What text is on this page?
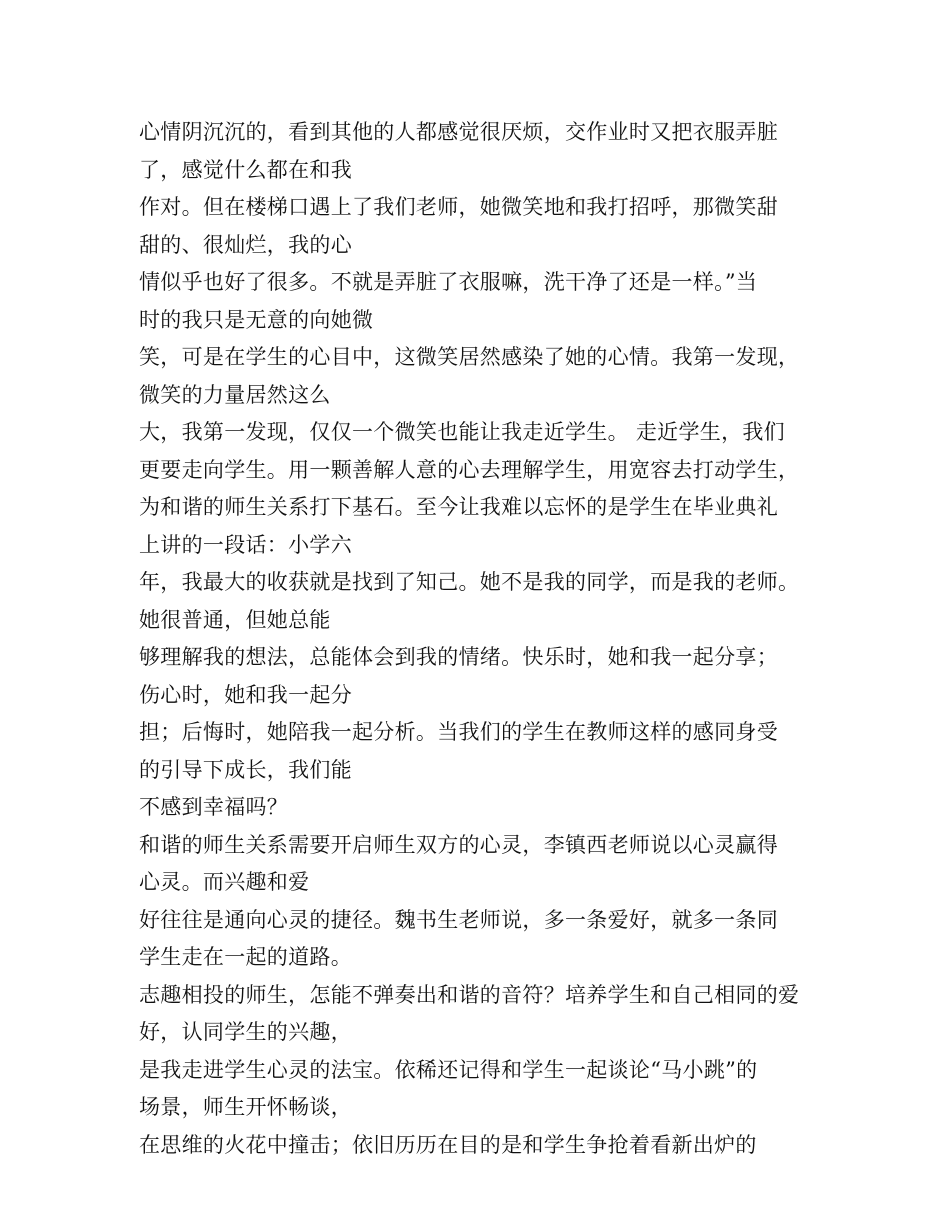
心情阴沉沉的，看到其他的人都感觉很厌烦，交作业时又把衣服弄脏
了，感觉什么都在和我
作对。但在楼梯口遇上了我们老师，她微笑地和我打招呼，那微笑甜
甜的、很灿烂，我的心
情似乎也好了很多。不就是弄脏了衣服嘛，洗干净了还是一样。”当
时的我只是无意的向她微
笑，可是在学生的心目中，这微笑居然感染了她的心情。我第一发现，
微笑的力量居然这么
大，我第一发现，仅仅一个微笑也能让我走近学生。 走近学生，我们
更要走向学生。用一颗善解人意的心去理解学生，用宽容去打动学生，
为和谐的师生关系打下基石。至今让我难以忘怀的是学生在毕业典礼
上讲的一段话：小学六
年，我最大的收获就是找到了知己。她不是我的同学，而是我的老师。
她很普通，但她总能
够理解我的想法，总能体会到我的情绪。快乐时，她和我一起分享；
伤心时，她和我一起分
担；后悔时，她陪我一起分析。当我们的学生在教师这样的感同身受
的引导下成长，我们能
不感到幸福吗？
和谐的师生关系需要开启师生双方的心灵，李镇西老师说以心灵赢得
心灵。而兴趣和爱
好往往是通向心灵的捷径。魏书生老师说，多一条爱好，就多一条同
学生走在一起的道路。
志趣相投的师生，怎能不弹奏出和谐的音符？培养学生和自己相同的爱
好，认同学生的兴趣，
是我走进学生心灵的法宝。依稀还记得和学生一起谈论“马小跳”的
场景，师生开怀畅谈，
在思维的火花中撞击；依旧历历在目的是和学生争抢着看新出炉的
